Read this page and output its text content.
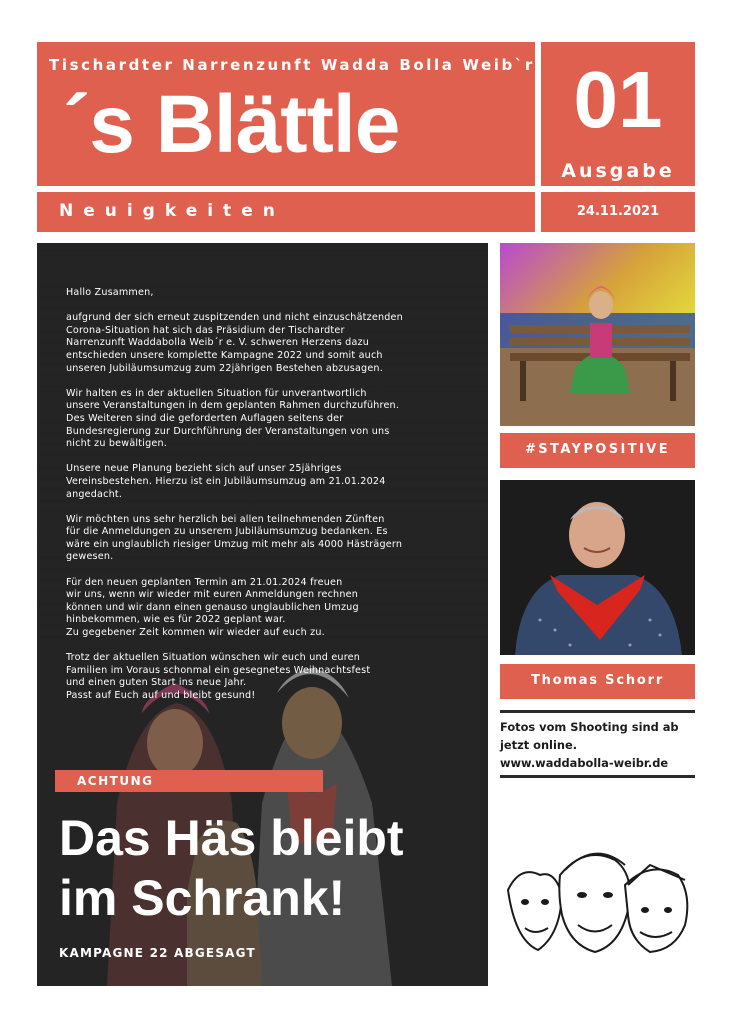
Tischardter Narrenzunft Wadda Bolla Weib`r
´s Blättle	01
Ausgabe
Neuigkeiten	24.11.2021

Hallo Zusammen,

aufgrund der sich erneut zuspitzenden und nicht einzuschätzenden
Corona-Situation hat sich das Präsidium der Tischardter
Narrenzunft Waddabolla Weib´r e. V. schweren Herzens dazu
entschieden unsere komplette Kampagne 2022 und somit auch
unseren Jubiläumsumzug zum 22jährigen Bestehen abzusagen.

Wir halten es in der aktuellen Situation für unverantwortlich
unsere Veranstaltungen in dem geplanten Rahmen durchzuführen.
Des Weiteren sind die geforderten Auflagen seitens der
Bundesregierung zur Durchführung der Veranstaltungen von uns
nicht zu bewältigen.

Unsere neue Planung bezieht sich auf unser 25jähriges
Vereinsbestehen. Hierzu ist ein Jubiläumsumzug am 21.01.2024
angedacht.

Wir möchten uns sehr herzlich bei allen teilnehmenden Zünften
für die Anmeldungen zu unserem Jubiläumsumzug bedanken. Es
wäre ein unglaublich riesiger Umzug mit mehr als 4000 Hästrägern
gewesen.

Für den neuen geplanten Termin am 21.01.2024 freuen
wir uns, wenn wir wieder mit euren Anmeldungen rechnen
können und wir dann einen genauso unglaublichen Umzug
hinbekommen, wie es für 2022 geplant war.
Zu gegebener Zeit kommen wir wieder auf euch zu.

Trotz der aktuellen Situation wünschen wir euch und euren
Familien im Voraus schonmal ein gesegnetes Weihnachtsfest
und einen guten Start ins neue Jahr.
Passt auf Euch auf und bleibt gesund!

ACHTUNG
Das Häs bleibt
im Schrank!
KAMPAGNE 22 ABGESAGT
#STAYPOSITIVE
Thomas Schorr
Fotos vom Shooting sind ab
jetzt online.
www.waddabolla-weibr.de
